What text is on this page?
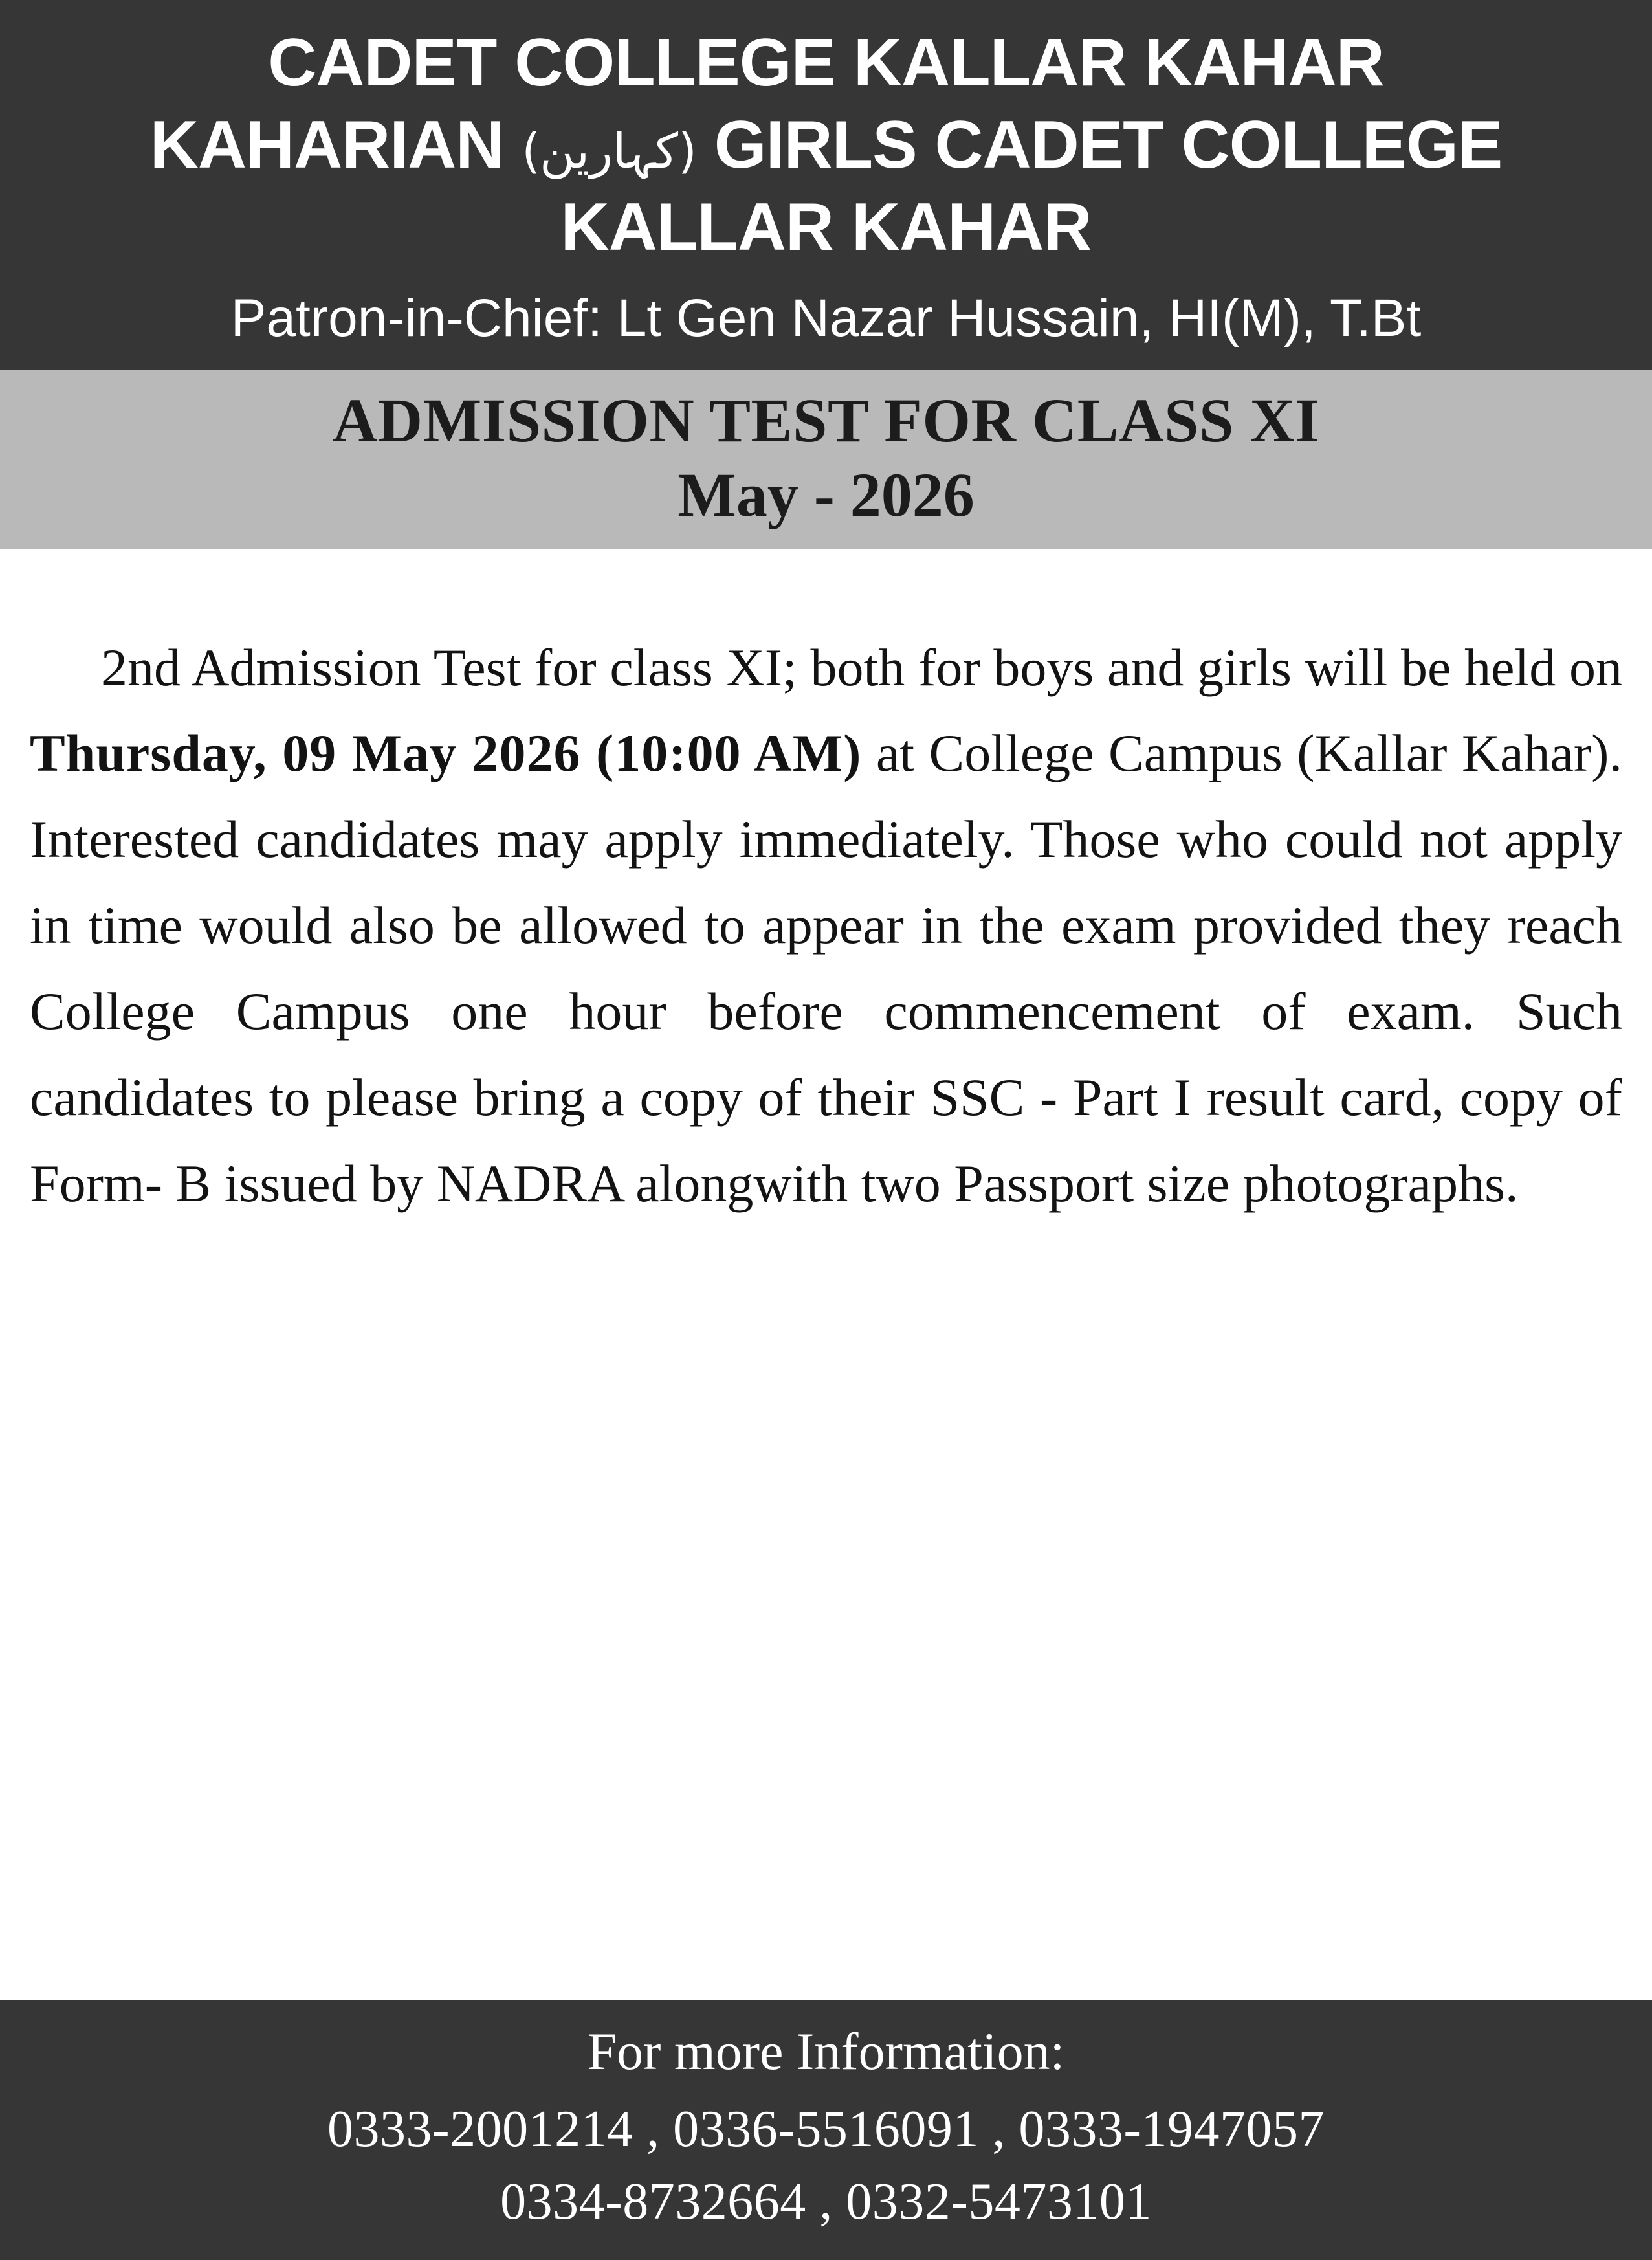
CADET COLLEGE KALLAR KAHAR
KAHARIAN (کہارین) GIRLS CADET COLLEGE
KALLAR KAHAR
Patron-in-Chief: Lt Gen Nazar Hussain, HI(M), T.Bt
ADMISSION TEST FOR CLASS XI
May - 2026

2nd Admission Test for class XI; both for boys and girls will be held on Thursday, 09 May 2026 (10:00 AM) at College Campus (Kallar Kahar). Interested candidates may apply immediately. Those who could not apply in time would also be allowed to appear in the exam provided they reach College Campus one hour before commencement of exam. Such candidates to please bring a copy of their SSC - Part I result card, copy of Form- B issued by NADRA alongwith two Passport size photographs.

For more Information:
0333-2001214 , 0336-5516091 , 0333-1947057
0334-8732664 , 0332-5473101
